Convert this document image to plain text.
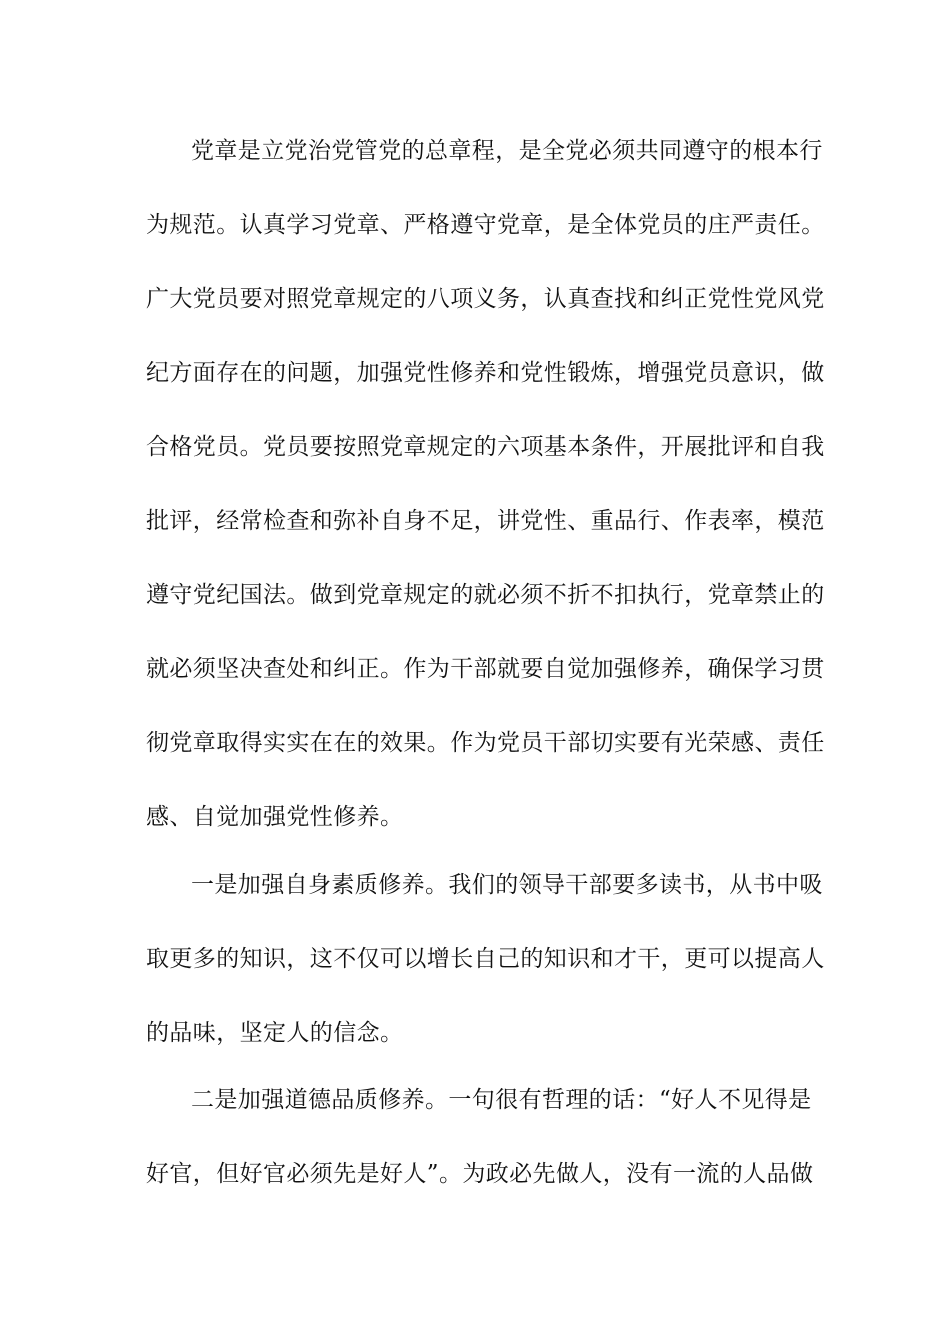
党章是立党治党管党的总章程，是全党必须共同遵守的根本行
为规范。认真学习党章、严格遵守党章，是全体党员的庄严责任。
广大党员要对照党章规定的八项义务，认真查找和纠正党性党风党
纪方面存在的问题，加强党性修养和党性锻炼，增强党员意识，做
合格党员。党员要按照党章规定的六项基本条件，开展批评和自我
批评，经常检查和弥补自身不足，讲党性、重品行、作表率，模范
遵守党纪国法。做到党章规定的就必须不折不扣执行，党章禁止的
就必须坚决查处和纠正。作为干部就要自觉加强修养，确保学习贯
彻党章取得实实在在的效果。作为党员干部切实要有光荣感、责任
感、自觉加强党性修养。
一是加强自身素质修养。我们的领导干部要多读书，从书中吸
取更多的知识，这不仅可以增长自己的知识和才干，更可以提高人
的品味，坚定人的信念。
二是加强道德品质修养。一句很有哲理的话：“好人不见得是
好官，但好官必须先是好人”。为政必先做人，没有一流的人品做
